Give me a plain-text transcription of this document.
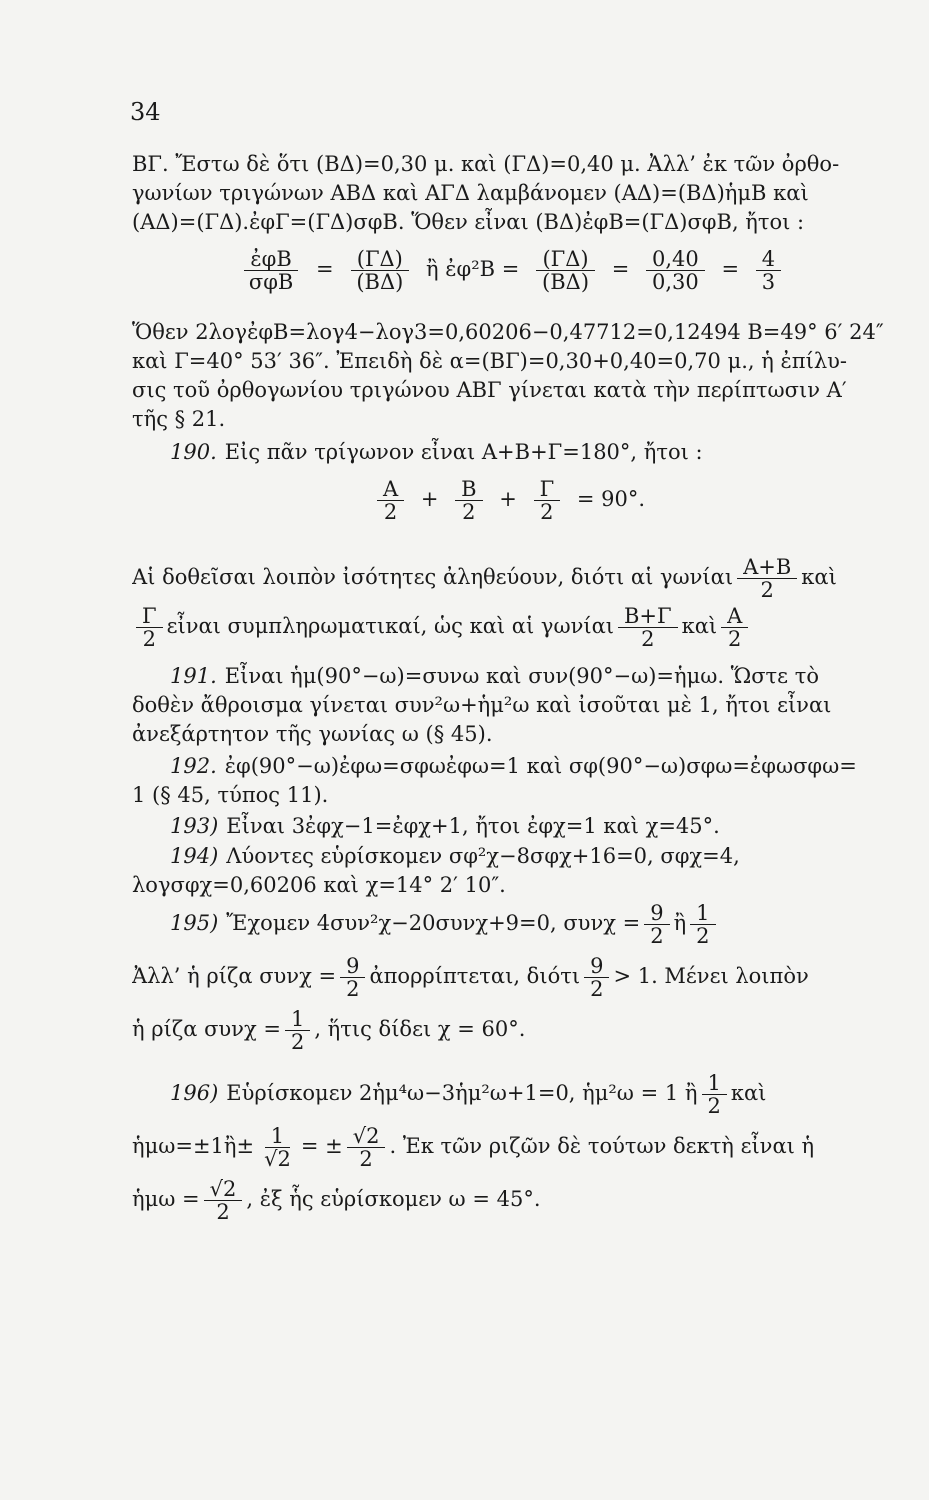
34
ΒΓ. Ἔστω δὲ ὅτι (ΒΔ)=0,30 μ. καὶ (ΓΔ)=0,40 μ. Ἀλλ’ ἐκ τῶν ὀρθο-
γωνίων τριγώνων ΑΒΔ καὶ ΑΓΔ λαμβάνομεν (ΑΔ)=(ΒΔ)ἡμΒ καὶ
(ΑΔ)=(ΓΔ).ἐφΓ=(ΓΔ)σφΒ. Ὅθεν εἶναι (ΒΔ)ἐφΒ=(ΓΔ)σφΒ, ἤτοι :
$\frac{\text{ἐφΒ}}{\text{σφΒ}} = \frac{(\Gamma\Delta)}{(B\Delta)}$ ἢ ἐφ²Β = $\frac{(\Gamma\Delta)}{(B\Delta)} = \frac{0,40}{0,30} = \frac{4}{3}$
Ὅθεν 2λογἐφΒ=λογ4−λογ3=0,60206−0,47712=0,12494 Β=49° 6′ 24″
καὶ Γ=40° 53′ 36″. Ἐπειδὴ δὲ α=(ΒΓ)=0,30+0,40=0,70 μ., ἡ ἐπίλυ-
σις τοῦ ὀρθογωνίου τριγώνου ΑΒΓ γίνεται κατὰ τὴν περίπτωσιν Α′
τῆς § 21.
190. Εἰς πᾶν τρίγωνον εἶναι Α+Β+Γ=180°, ἤτοι :
$\frac{A}{2} + \frac{B}{2} + \frac{\Gamma}{2} = 90^\circ$.
Αἱ δοθεῖσαι λοιπὸν ἰσότητες ἀληθεύουν, διότι αἱ γωνίαι $\frac{A+B}{2}$ καὶ
$\frac{\Gamma}{2}$ εἶναι συμπληρωματικαί, ὡς καὶ αἱ γωνίαι $\frac{B+\Gamma}{2}$ καὶ $\frac{A}{2}$
191. Εἶναι ἡμ(90°−ω)=συνω καὶ συν(90°−ω)=ἡμω. Ὥστε τὸ
δοθὲν ἄθροισμα γίνεται συν²ω+ἡμ²ω καὶ ἰσοῦται μὲ 1, ἤτοι εἶναι
ἀνεξάρτητον τῆς γωνίας ω (§ 45).
192. ἐφ(90°−ω)ἐφω=σφωἐφω=1 καὶ σφ(90°−ω)σφω=ἐφωσφω=
1 (§ 45, τύπος 11).
193) Εἶναι 3ἐφχ−1=ἐφχ+1, ἤτοι ἐφχ=1 καὶ χ=45°.
194) Λύοντες εὑρίσκομεν σφ²χ−8σφχ+16=0, σφχ=4,
λογσφχ=0,60206 καὶ χ=14° 2′ 10″.
195) Ἔχομεν 4συν²χ−20συνχ+9=0, $\sigma\upsilon\nu\chi = \frac{9}{2}$ ἢ $\frac{1}{2}$
Ἀλλ’ ἡ ρίζα $\sigma\upsilon\nu\chi = \frac{9}{2}$ ἀπορρίπτεται, διότι $\frac{9}{2} > 1$. Μένει λοιπὸν
ἡ ρίζα $\sigma\upsilon\nu\chi = \frac{1}{2}$ , ἥτις δίδει χ = 60°.
196) Εὑρίσκομεν 2ἡμ⁴ω−3ἡμ²ω+1=0, ἡμ²ω = 1 ἢ $\frac{1}{2}$ καὶ
ἡμω=±1ἢ± $\frac{1}{√2}$ = ± $\frac{√2}{2}$ . Ἐκ τῶν ριζῶν δὲ τούτων δεκτὴ εἶναι ἡ
ἡμω = $\frac{√2}{2}$ , ἐξ ἧς εὑρίσκομεν ω = 45°.
